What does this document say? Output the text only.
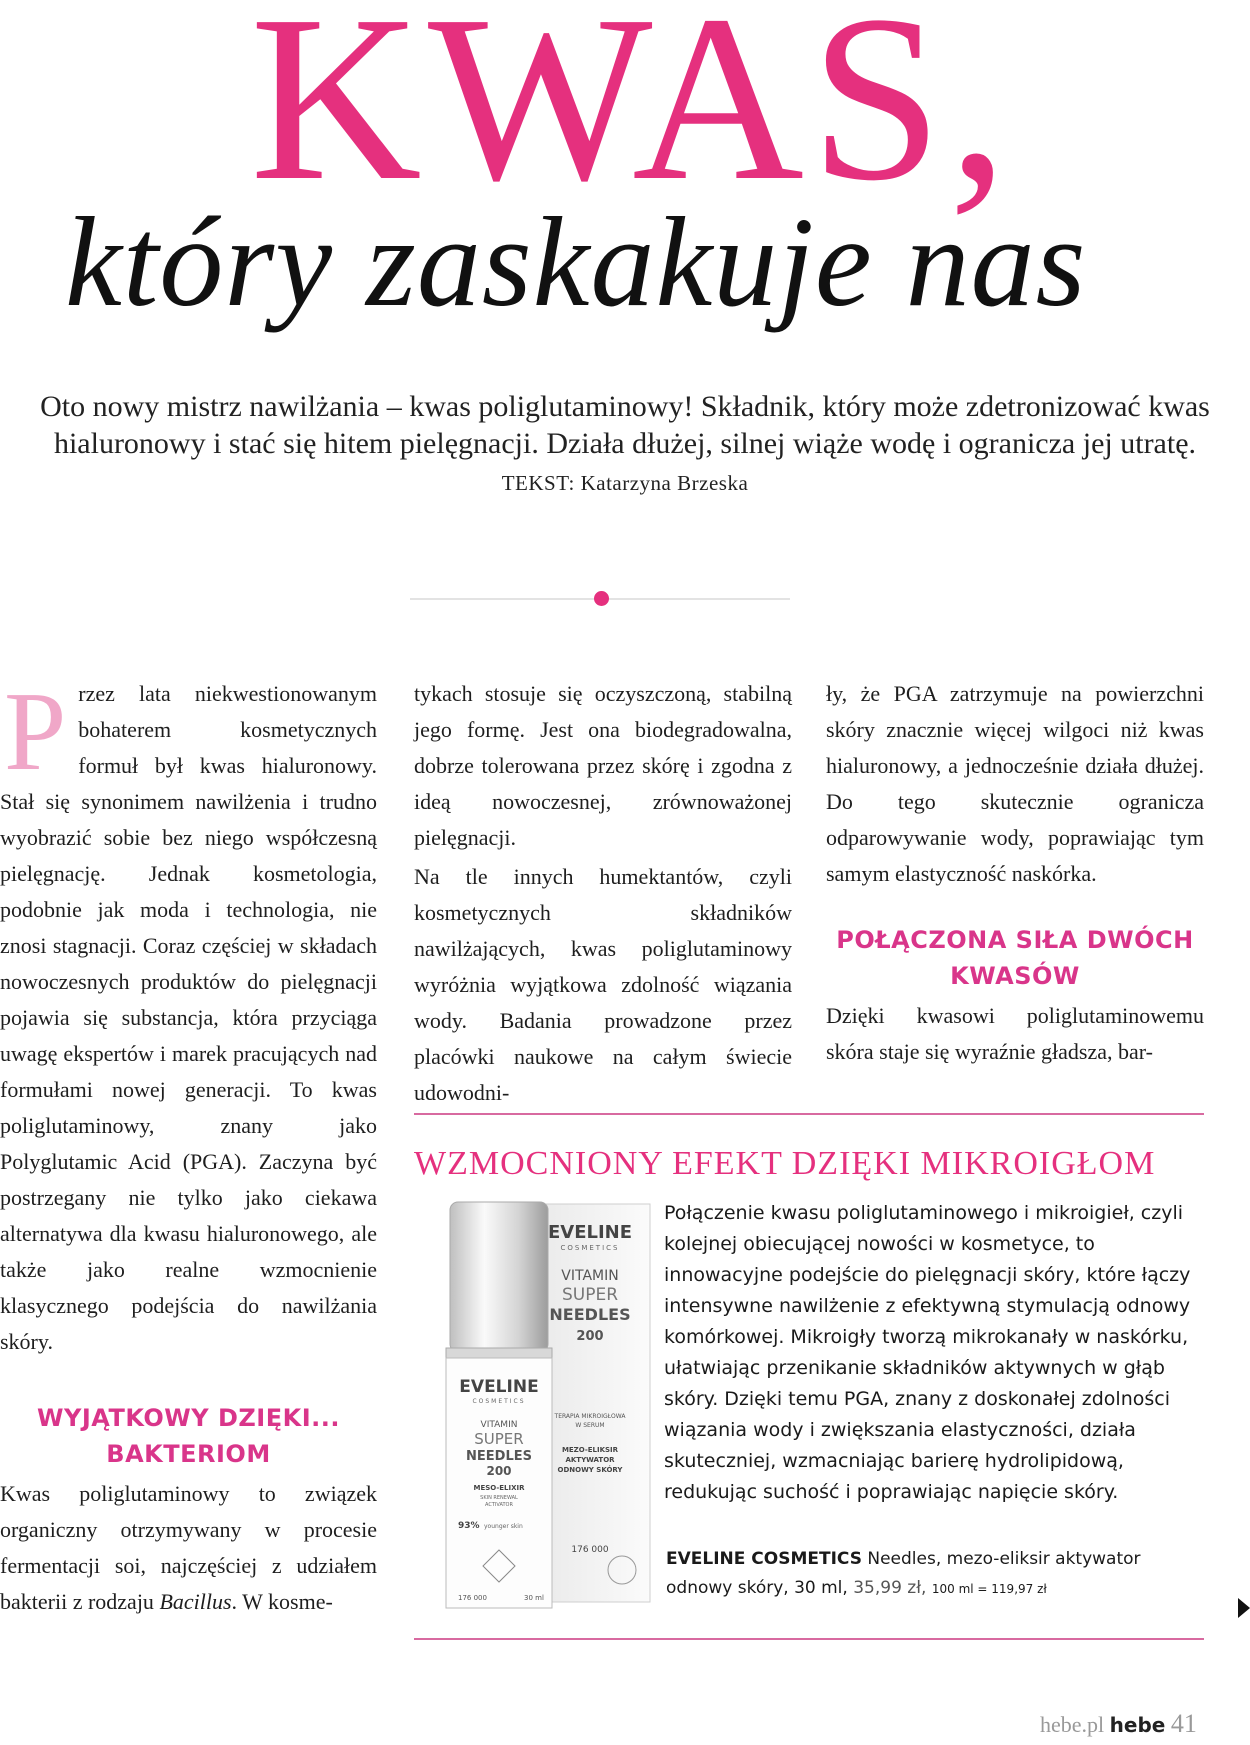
KWAS,
który zaskakuje nas
Oto nowy mistrz nawilżania – kwas poliglutaminowy! Składnik, który może zdetronizować kwas hialuronowy i stać się hitem pielęgnacji. Działa dłużej, silnej wiąże wodę i ogranicza jej utratę. TEKST: Katarzyna Brzeska

P rzez lata niekwestionowanym bohaterem kosmetycznych formuł był kwas hialuronowy. Stał się synonimem nawilżenia i trudno wyobrazić sobie bez niego współczesną pielęgnację. Jednak kosmetologia, podobnie jak moda i technologia, nie znosi stagnacji. Coraz częściej w składach nowoczesnych produktów do pielęgnacji pojawia się substancja, która przyciąga uwagę ekspertów i marek pracujących nad formułami nowej generacji. To kwas poliglutaminowy, znany jako Polyglutamic Acid (PGA). Zaczyna być postrzegany nie tylko jako ciekawa alternatywa dla kwasu hialuronowego, ale także jako realne wzmocnienie klasycznego podejścia do nawilżania skóry.

WYJĄTKOWY DZIĘKI... BAKTERIOM

Kwas poliglutaminowy to związek organiczny otrzymywany w procesie fermentacji soi, najczęściej z udziałem bakterii z rodzaju Bacillus. W kosme-

tykach stosuje się oczyszczoną, stabilną jego formę. Jest ona biodegradowalna, dobrze tolerowana przez skórę i zgodna z ideą nowoczesnej, zrównoważonej pielęgnacji.

Na tle innych humektantów, czyli kosmetycznych składników nawilżających, kwas poliglutaminowy wyróżnia wyjątkowa zdolność wiązania wody. Badania prowadzone przez placówki naukowe na całym świecie udowodni-

ły, że PGA zatrzymuje na powierzchni skóry znacznie więcej wilgoci niż kwas hialuronowy, a jednocześnie działa dłużej. Do tego skutecznie ogranicza odparowywanie wody, poprawiając tym samym elastyczność naskórka.

POŁĄCZONA SIŁA DWÓCH KWASÓW

Dzięki kwasowi poliglutaminowemu skóra staje się wyraźnie gładsza, bar-

WZMOCNIONY EFEKT DZIĘKI MIKROIGŁOM
EVELINE
COSMETICS
VITAMIN
SUPER
NEEDLES
200
TERAPIA MIKROIGŁOWA
W SERUM
MEZO-ELIKSIR
AKTYWATOR
ODNOWY SKÓRY
176 000
EVELINE
COSMETICS
VITAMIN
SUPER
NEEDLES
200
MESO-ELIXIR
SKIN RENEWAL
ACTIVATOR
93% younger skin
176 000	30 ml
Połączenie kwasu poliglutaminowego i mikroigieł, czyli kolejnej obiecującej nowości w kosmetyce, to innowacyjne podejście do pielęgnacji skóry, które łączy intensywne nawilżenie z efektywną stymulacją odnowy komórkowej. Mikroigły tworzą mikrokanały w naskórku, ułatwiając przenikanie składników aktywnych w głąb skóry. Dzięki temu PGA, znany z doskonałej zdolności wiązania wody i zwiększania elastyczności, działa skuteczniej, wzmacniając barierę hydrolipidową, redukując suchość i poprawiając napięcie skóry.
EVELINE COSMETICS Needles, mezo-eliksir aktywator odnowy skóry, 30 ml, 35,99 zł, 100 ml = 119,97 zł
hebe.pl hebe 41
